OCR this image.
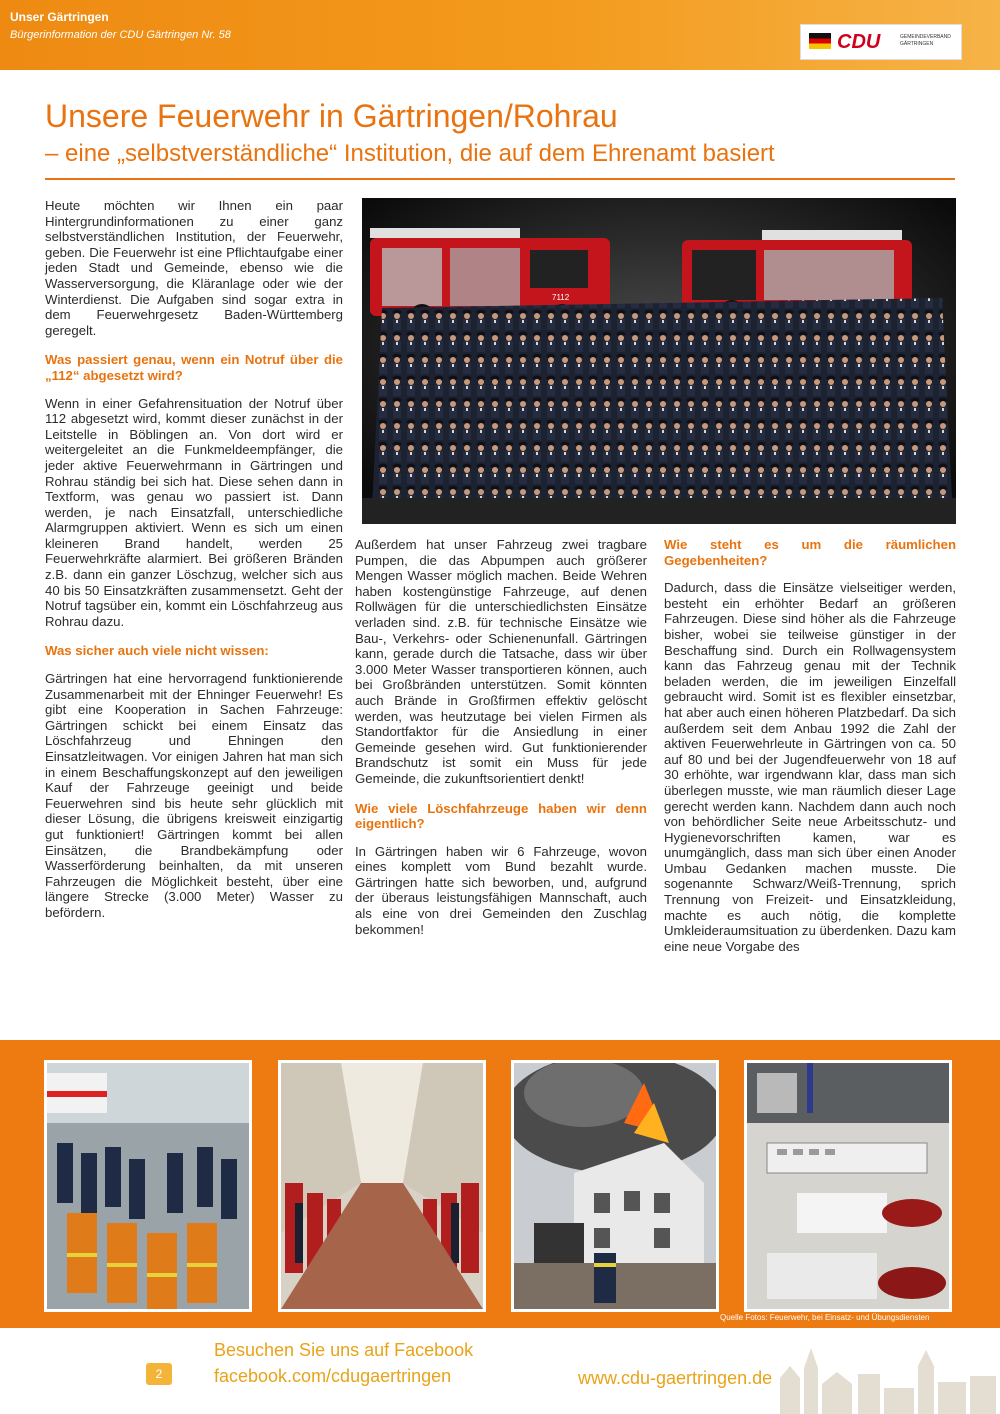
Unser Gärtringen
Bürgerinformation der CDU Gärtringen Nr. 58	CDU	GEMEINDEVERBAND GÄRTRINGEN
Unsere Feuerwehr in Gärtringen/Rohrau
– eine „selbstverständliche“ Institution, die auf dem Ehrenamt basiert

Heute möchten wir Ihnen ein paar Hintergrundinformationen zu einer ganz selbstverständlichen Institution, der Feuerwehr, geben. Die Feuerwehr ist eine Pflichtaufgabe einer jeden Stadt und Gemeinde, ebenso wie die Wasserversorgung, die Kläranlage oder wie der Winterdienst. Die Aufgaben sind sogar extra in dem Feuerwehrgesetz Baden-Württemberg geregelt.

Was passiert genau, wenn ein Notruf über die „112“ abgesetzt wird?

Wenn in einer Gefahrensituation der Notruf über 112 abgesetzt wird, kommt dieser zunächst in der Leitstelle in Böblingen an. Von dort wird er weitergeleitet an die Funkmeldeempfänger, die jeder aktive Feuerwehrmann in Gärtringen und Rohrau ständig bei sich hat. Diese sehen dann in Textform, was genau wo passiert ist. Dann werden, je nach Einsatzfall, unterschiedliche Alarmgruppen aktiviert. Wenn es sich um einen kleineren Brand handelt, werden 25 Feuerwehrkräfte alarmiert. Bei größeren Bränden z.B. dann ein ganzer Löschzug, welcher sich aus 40 bis 50 Einsatzkräften zusammensetzt. Geht der Notruf tagsüber ein, kommt ein Löschfahrzeug aus Rohrau dazu.

Was sicher auch viele nicht wissen:

Gärtringen hat eine hervorragend funktionierende Zusammenarbeit mit der Ehninger Feuerwehr! Es gibt eine Kooperation in Sachen Fahrzeuge: Gärtringen schickt bei einem Einsatz das Löschfahrzeug und Ehningen den Einsatzleitwagen. Vor einigen Jahren hat man sich in einem Beschaffungskonzept auf den jeweiligen Kauf der Fahrzeuge geeinigt und beide Feuerwehren sind bis heute sehr glücklich mit dieser Lösung, die übrigens kreisweit einzigartig gut funktioniert! Gärtringen kommt bei allen Einsätzen, die Brandbekämpfung oder Wasserförderung beinhalten, da mit unseren Fahrzeugen die Möglichkeit besteht, über eine längere Strecke (3.000 Meter) Wasser zu befördern.

7112

Außerdem hat unser Fahrzeug zwei tragbare Pumpen, die das Abpumpen auch größerer Mengen Wasser möglich machen. Beide Wehren haben kostengünstige Fahrzeuge, auf denen Rollwägen für die unterschiedlichsten Einsätze verladen sind. z.B. für technische Einsätze wie Bau-, Verkehrs- oder Schienenunfall. Gärtringen kann, gerade durch die Tatsache, dass wir über 3.000 Meter Wasser transportieren können, auch bei Großbränden unterstützen. Somit könnten auch Brände in Großfirmen effektiv gelöscht werden, was heutzutage bei vielen Firmen als Standortfaktor für die Ansiedlung in einer Gemeinde gesehen wird. Gut funktionierender Brandschutz ist somit ein Muss für jede Gemeinde, die zukunftsorientiert denkt!

Wie viele Löschfahrzeuge haben wir denn eigentlich?

In Gärtringen haben wir 6 Fahrzeuge, wovon eines komplett vom Bund bezahlt wurde. Gärtringen hatte sich beworben, und, aufgrund der überaus leistungsfähigen Mannschaft, auch als eine von drei Gemeinden den Zuschlag bekommen!

Wie steht es um die räumlichen Gegebenheiten?

Dadurch, dass die Einsätze vielseitiger werden, besteht ein erhöhter Bedarf an größeren Fahrzeugen. Diese sind höher als die Fahrzeuge bisher, wobei sie teilweise günstiger in der Beschaffung sind. Durch ein Rollwagensystem kann das Fahrzeug genau mit der Technik beladen werden, die im jeweiligen Einzelfall gebraucht wird. Somit ist es flexibler einsetzbar, hat aber auch einen höheren Platzbedarf. Da sich außerdem seit dem Anbau 1992 die Zahl der aktiven Feuerwehrleute in Gärtringen von ca. 50 auf 80 und bei der Jugendfeuerwehr von 18 auf 30 erhöhte, war irgendwann klar, dass man sich überlegen musste, wie man räumlich dieser Lage gerecht werden kann. Nachdem dann auch noch von behördlicher Seite neue Arbeitsschutz- und Hygienevorschriften kamen, war es unumgänglich, dass man sich über einen Anoder Umbau Gedanken machen musste. Die sogenannte Schwarz/Weiß-Trennung, sprich Trennung von Freizeit- und Einsatzkleidung, machte es auch nötig, die komplette Umkleideraumsituation zu überdenken. Dazu kam eine neue Vorgabe des

Quelle Fotos: Feuerwehr, bei Einsatz- und Übungsdiensten
Besuchen Sie uns auf Facebook
facebook.com/cdugaertringen
2	www.cdu-gaertringen.de
